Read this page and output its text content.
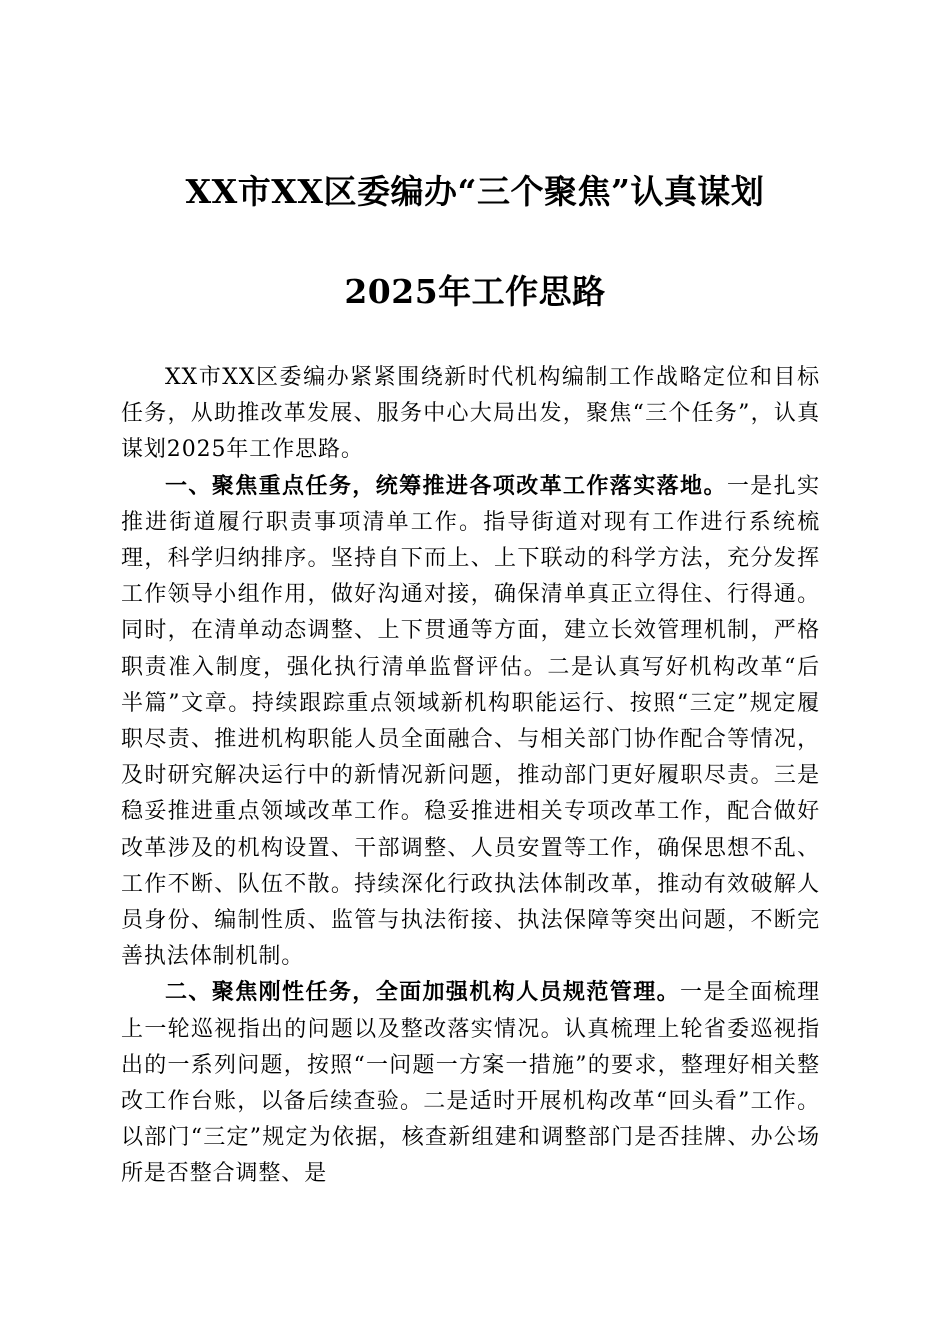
XX市XX区委编办“三个聚焦”认真谋划
2025年工作思路

XX市XX区委编办紧紧围绕新时代机构编制工作战略定位和目标任务，从助推改革发展、服务中心大局出发，聚焦“三个任务”，认真谋划2025年工作思路。

一、聚焦重点任务，统筹推进各项改革工作落实落地。一是扎实推进街道履行职责事项清单工作。指导街道对现有工作进行系统梳理，科学归纳排序。坚持自下而上、上下联动的科学方法，充分发挥工作领导小组作用，做好沟通对接，确保清单真正立得住、行得通。同时，在清单动态调整、上下贯通等方面，建立长效管理机制，严格职责准入制度，强化执行清单监督评估。二是认真写好机构改革“后半篇”文章。持续跟踪重点领域新机构职能运行、按照“三定”规定履职尽责、推进机构职能人员全面融合、与相关部门协作配合等情况，及时研究解决运行中的新情况新问题，推动部门更好履职尽责。三是稳妥推进重点领域改革工作。稳妥推进相关专项改革工作，配合做好改革涉及的机构设置、干部调整、人员安置等工作，确保思想不乱、工作不断、队伍不散。持续深化行政执法体制改革，推动有效破解人员身份、编制性质、监管与执法衔接、执法保障等突出问题，不断完善执法体制机制。

二、聚焦刚性任务，全面加强机构人员规范管理。一是全面梳理上一轮巡视指出的问题以及整改落实情况。认真梳理上轮省委巡视指出的一系列问题，按照“一问题一方案一措施”的要求，整理好相关整改工作台账，以备后续查验。二是适时开展机构改革“回头看”工作。以部门“三定”规定为依据，核查新组建和调整部门是否挂牌、办公场所是否整合调整、是
